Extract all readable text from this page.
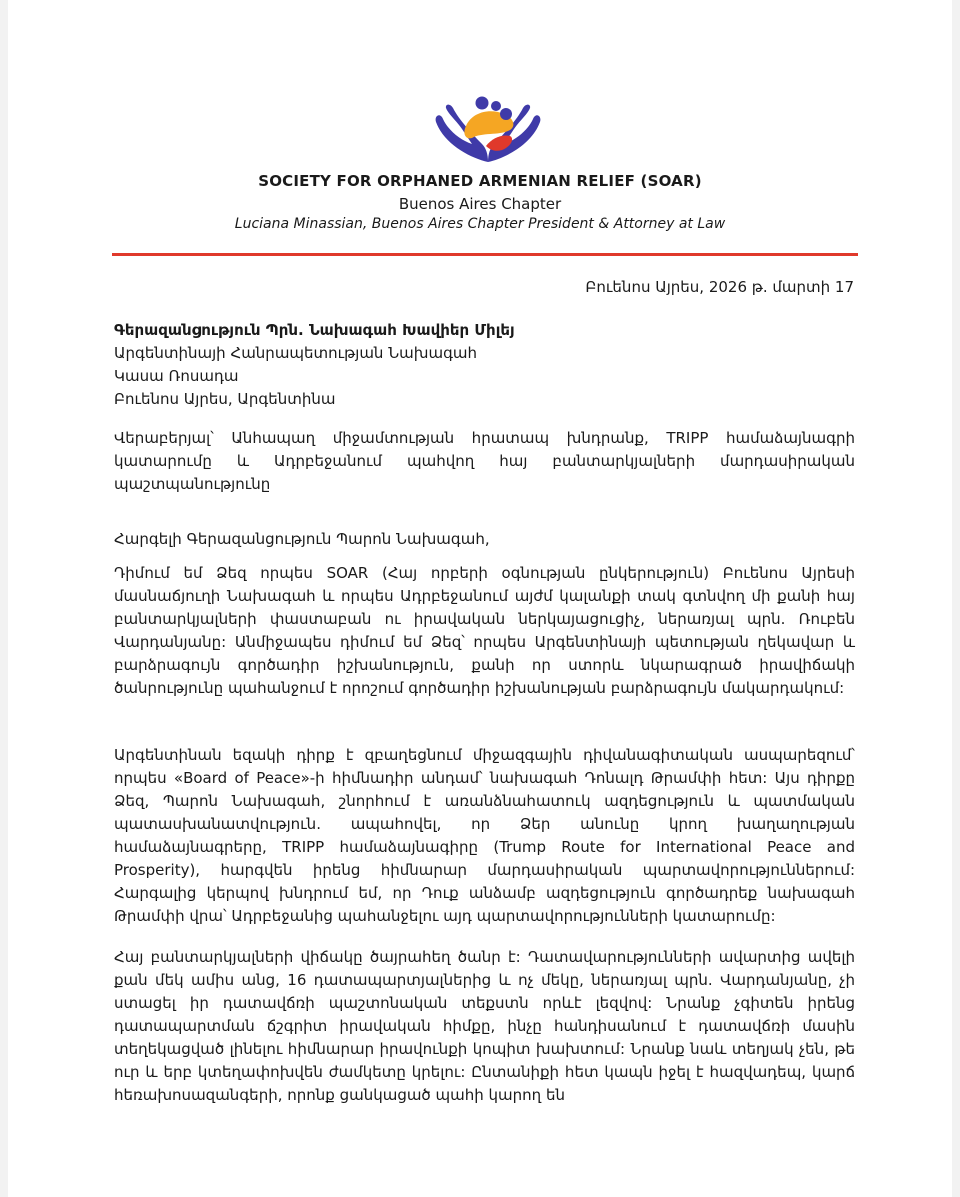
SOCIETY FOR ORPHANED ARMENIAN RELIEF (SOAR)
Buenos Aires Chapter
Luciana Minassian, Buenos Aires Chapter President & Attorney at Law
Բուենոս Այրես, 2026 թ. մարտի 17
Գերազանցություն Պրն. Նախագահ Խավիեր Միլեյ
Արգենտինայի Հանրապետության Նախագահ
Կասա Ռոսադա
Բուենոս Այրես, Արգենտինա
Վերաբերյալ՝ Անհապաղ միջամտության հրատապ խնդրանք, TRIPP համաձայնագրի կատարումը և Ադրբեջանում պահվող հայ բանտարկյալների մարդասիրական պաշտպանությունը
Հարգելի Գերազանցություն Պարոն Նախագահ,
Դիմում եմ Ձեզ որպես SOAR (Հայ որբերի օգնության ընկերություն) Բուենոս Այրեսի մասնաճյուղի Նախագահ և որպես Ադրբեջանում այժմ կալանքի տակ գտնվող մի քանի հայ բանտարկյալների փաստաբան ու իրավական ներկայացուցիչ, ներառյալ պրն. Ռուբեն Վարդանյանը: Անմիջապես դիմում եմ Ձեզ՝ որպես Արգենտինայի պետության ղեկավար և բարձրագույն գործադիր իշխանություն, քանի որ ստորև նկարագրած իրավիճակի ծանրությունը պահանջում է որոշում գործադիր իշխանության բարձրագույն մակարդակում:
Արգենտինան եզակի դիրք է զբաղեցնում միջազգային դիվանագիտական ասպարեզում՝ որպես «Board of Peace»-ի հիմնադիր անդամ՝ նախագահ Դոնալդ Թրամփի հետ: Այս դիրքը Ձեզ, Պարոն Նախագահ, շնորհում է առանձնահատուկ ազդեցություն և պատմական պատասխանատվություն. ապահովել, որ Ձեր անունը կրող խաղաղության համաձայնագրերը, TRIPP համաձայնագիրը (Trump Route for International Peace and Prosperity), հարգվեն իրենց հիմնարար մարդասիրական պարտավորություններում: Հարգալից կերպով խնդրում եմ, որ Դուք անձամբ ազդեցություն գործադրեք նախագահ Թրամփի վրա՝ Ադրբեջանից պահանջելու այդ պարտավորությունների կատարումը:
Հայ բանտարկյալների վիճակը ծայրահեղ ծանր է: Դատավարությունների ավարտից ավելի քան մեկ ամիս անց, 16 դատապարտյալներից և ոչ մեկը, ներառյալ պրն. Վարդանյանը, չի ստացել իր դատավճռի պաշտոնական տեքստն որևէ լեզվով: Նրանք չգիտեն իրենց դատապարտման ճշգրիտ իրավական հիմքը, ինչը հանդիսանում է դատավճռի մասին տեղեկացված լինելու հիմնարար իրավունքի կոպիտ խախտում: Նրանք նաև տեղյակ չեն, թե ուր և երբ կտեղափոխվեն ժամկետը կրելու: Ընտանիքի հետ կապն իջել է հազվադեպ, կարճ հեռախոսազանգերի, որոնք ցանկացած պահի կարող են
